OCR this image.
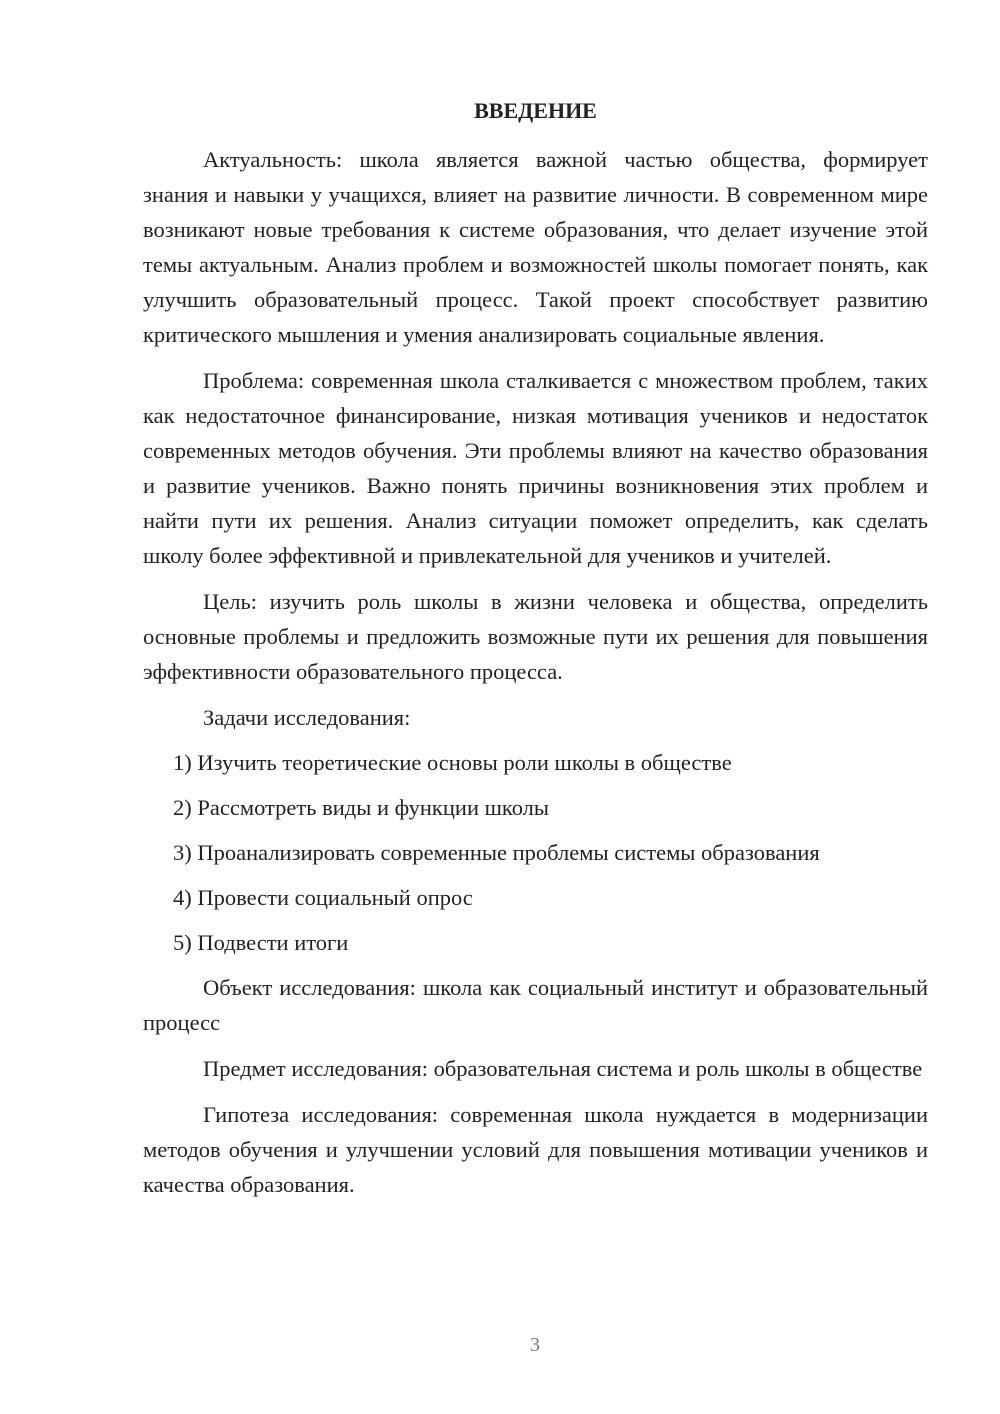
ВВЕДЕНИЕ

Актуальность: школа является важной частью общества, формирует знания и навыки у учащихся, влияет на развитие личности. В современном мире возникают новые требования к системе образования, что делает изучение этой темы актуальным. Анализ проблем и возможностей школы помогает понять, как улучшить образовательный процесс. Такой проект способствует развитию критического мышления и умения анализировать социальные явления.

Проблема: современная школа сталкивается с множеством проблем, таких как недостаточное финансирование, низкая мотивация учеников и недостаток современных методов обучения. Эти проблемы влияют на качество образования и развитие учеников. Важно понять причины возникновения этих проблем и найти пути их решения. Анализ ситуации поможет определить, как сделать школу более эффективной и привлекательной для учеников и учителей.

Цель: изучить роль школы в жизни человека и общества, определить основные проблемы и предложить возможные пути их решения для повышения эффективности образовательного процесса.

Задачи исследования:

1) Изучить теоретические основы роли школы в обществе
2) Рассмотреть виды и функции школы
3) Проанализировать современные проблемы системы образования
4) Провести социальный опрос
5) Подвести итоги

Объект исследования: школа как социальный институт и образовательный процесс

Предмет исследования: образовательная система и роль школы в обществе

Гипотеза исследования: современная школа нуждается в модернизации методов обучения и улучшении условий для повышения мотивации учеников и качества образования.

3
